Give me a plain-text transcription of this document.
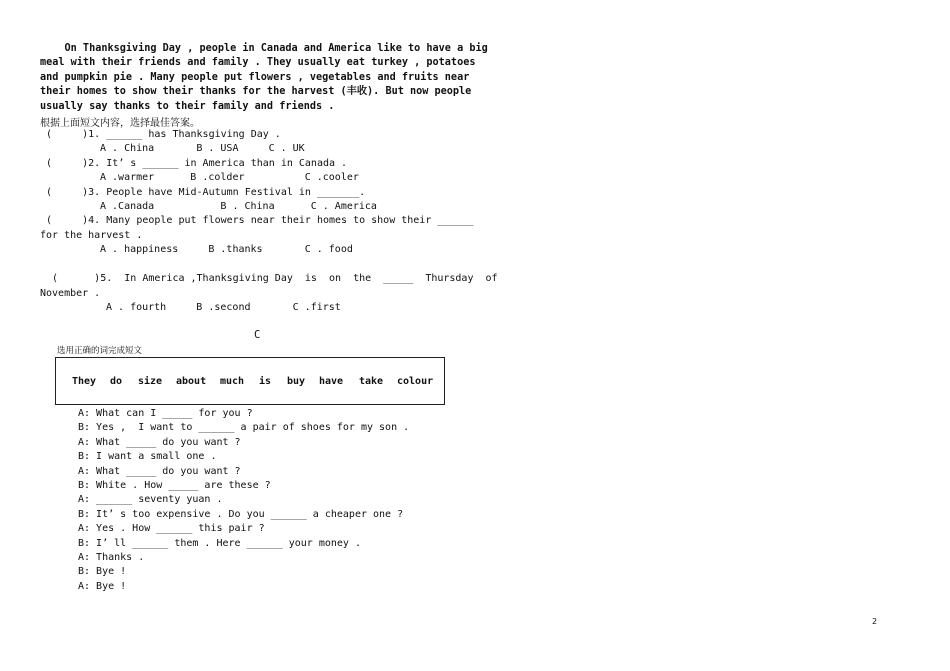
On Thanksgiving Day , people in Canada and America like to have a big
meal with their friends and family . They usually eat turkey , potatoes
and pumpkin pie . Many people put flowers , vegetables and fruits near
their homes to show their thanks for the harvest (丰收). But now people
usually say thanks to their family and friends .
根据上面短文内容，选择最佳答案。
(     )1. ______ has Thanksgiving Day .
A . China       B . USA     C . UK
(     )2. It’ s ______ in America than in Canada .
A .warmer      B .colder          C .cooler
(     )3. People have Mid-Autumn Festival in _______.
A .Canada           B . China      C . America
(     )4. Many people put flowers near their homes to show their ______
for the harvest .
A . happiness     B .thanks       C . food
(      )5.  In America ,Thanksgiving Day  is  on  the  _____  Thursday  of
November .
A . fourth     B .second       C .first
C
选用正确的词完成短文
They do size about much is buy have take colour
A: What can I _____ for you ?
B: Yes ,  I want to ______ a pair of shoes for my son .
A: What _____ do you want ?
B: I want a small one .
A: What _____ do you want ?
B: White . How _____ are these ?
A: ______ seventy yuan .
B: It’ s too expensive . Do you ______ a cheaper one ?
A: Yes . How ______ this pair ?
B: I’ ll ______ them . Here ______ your money .
A: Thanks .
B: Bye !
A: Bye !
2
